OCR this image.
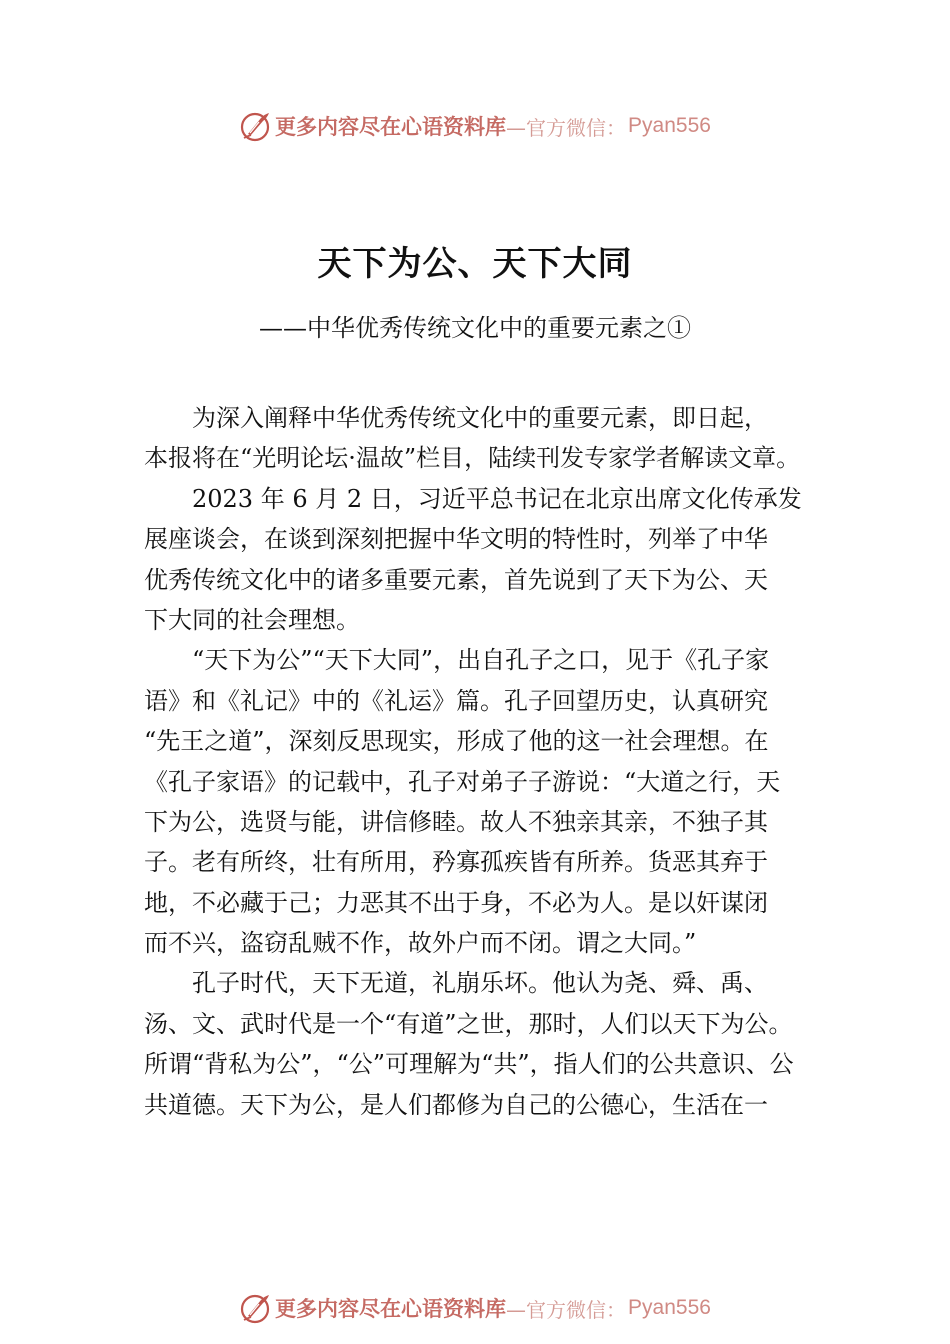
更多内容尽在心语资料库 —官方微信： Pyan556
天下为公、天下大同
——中华优秀传统文化中的重要元素之①
为深入阐释中华优秀传统文化中的重要元素，即日起，
本报将在“光明论坛·温故”栏目，陆续刊发专家学者解读文章。
2023 年 6 月 2 日，习近平总书记在北京出席文化传承发
展座谈会，在谈到深刻把握中华文明的特性时，列举了中华
优秀传统文化中的诸多重要元素，首先说到了天下为公、天
下大同的社会理想。
“天下为公”“天下大同”，出自孔子之口，见于《孔子家
语》和《礼记》中的《礼运》篇。孔子回望历史，认真研究
“先王之道”，深刻反思现实，形成了他的这一社会理想。在
《孔子家语》的记载中，孔子对弟子子游说：“大道之行，天
下为公，选贤与能，讲信修睦。故人不独亲其亲，不独子其
子。老有所终，壮有所用，矜寡孤疾皆有所养。货恶其弃于
地，不必藏于己；力恶其不出于身，不必为人。是以奸谋闭
而不兴，盗窃乱贼不作，故外户而不闭。谓之大同。”
孔子时代，天下无道，礼崩乐坏。他认为尧、舜、禹、
汤、文、武时代是一个“有道”之世，那时，人们以天下为公。
所谓“背私为公”，“公”可理解为“共”，指人们的公共意识、公
共道德。天下为公，是人们都修为自己的公德心，生活在一
更多内容尽在心语资料库 —官方微信： Pyan556
